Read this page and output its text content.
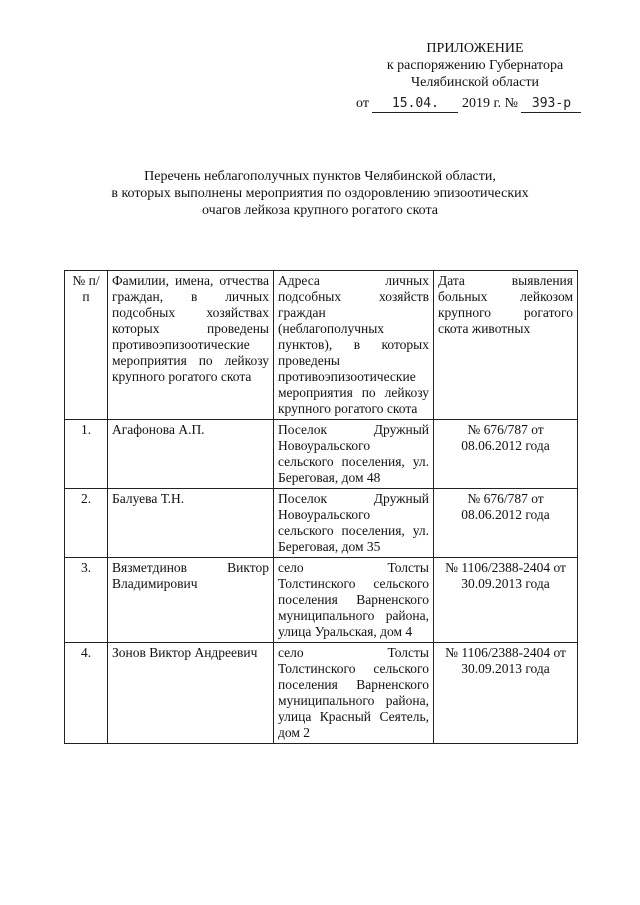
ПРИЛОЖЕНИЕ
к распоряжению Губернатора
Челябинской области
от 15.04. 2019 г. № 393-р
Перечень неблагополучных пунктов Челябинской области,
в которых выполнены мероприятия по оздоровлению эпизоотических
очагов лейкоза крупного рогатого скота
№ п/п	Фамилии, имена, отчества граждан, в личных подсобных хозяйствах которых проведены противоэпизоотические мероприятия по лейкозу крупного рогатого скота	Адреса личных подсобных хозяйств граждан (неблагополучных пунктов), в которых проведены противоэпизоотические мероприятия по лейкозу крупного рогатого скота	Дата выявления больных лейкозом крупного рогатого скота животных
1.	Агафонова А.П.	Поселок Дружный Новоуральского сельского поселения, ул. Береговая, дом 48	№ 676/787 от 08.06.2012 года
2.	Балуева Т.Н.	Поселок Дружный Новоуральского сельского поселения, ул. Береговая, дом 35	№ 676/787 от 08.06.2012 года
3.	Вязметдинов Виктор Владимирович	село Толсты Толстинского сельского поселения Варненского муниципального района, улица Уральская, дом 4	№ 1106/2388-2404 от 30.09.2013 года
4.	Зонов Виктор Андреевич	село Толсты Толстинского сельского поселения Варненского муниципального района, улица Красный Сеятель, дом 2	№ 1106/2388-2404 от 30.09.2013 года
